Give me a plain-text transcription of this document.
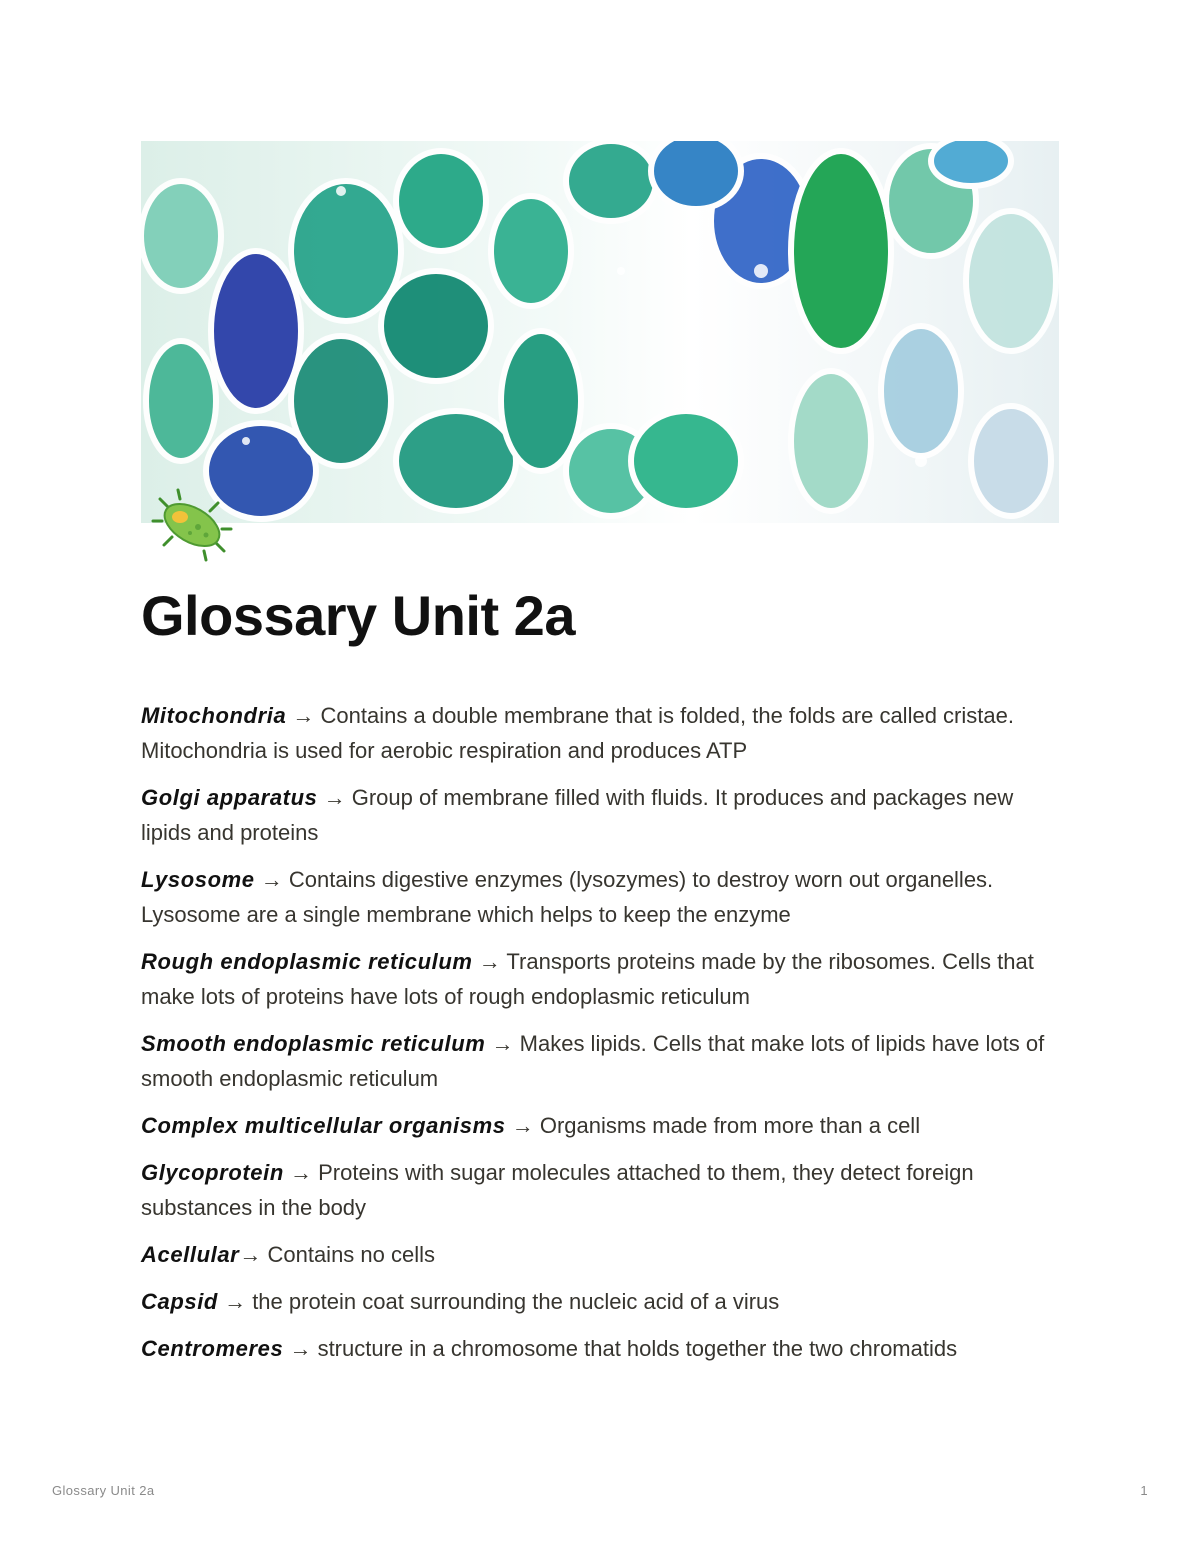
Glossary Unit 2a

Mitochondria → Contains a double membrane that is folded, the folds are called cristae. Mitochondria is used for aerobic respiration and produces ATP

Golgi apparatus → Group of membrane filled with fluids. It produces and packages new lipids and proteins

Lysosome → Contains digestive enzymes (lysozymes) to destroy worn out organelles. Lysosome are a single membrane which helps to keep the enzyme

Rough endoplasmic reticulum → Transports proteins made by the ribosomes. Cells that make lots of proteins have lots of rough endoplasmic reticulum

Smooth endoplasmic reticulum → Makes lipids. Cells that make lots of lipids have lots of smooth endoplasmic reticulum

Complex multicellular organisms → Organisms made from more than a cell

Glycoprotein → Proteins with sugar molecules attached to them, they detect foreign substances in the body

Acellular→ Contains no cells

Capsid → the protein coat surrounding the nucleic acid of a virus

Centromeres → structure in a chromosome that holds together the two chromatids

Glossary Unit 2a	1
